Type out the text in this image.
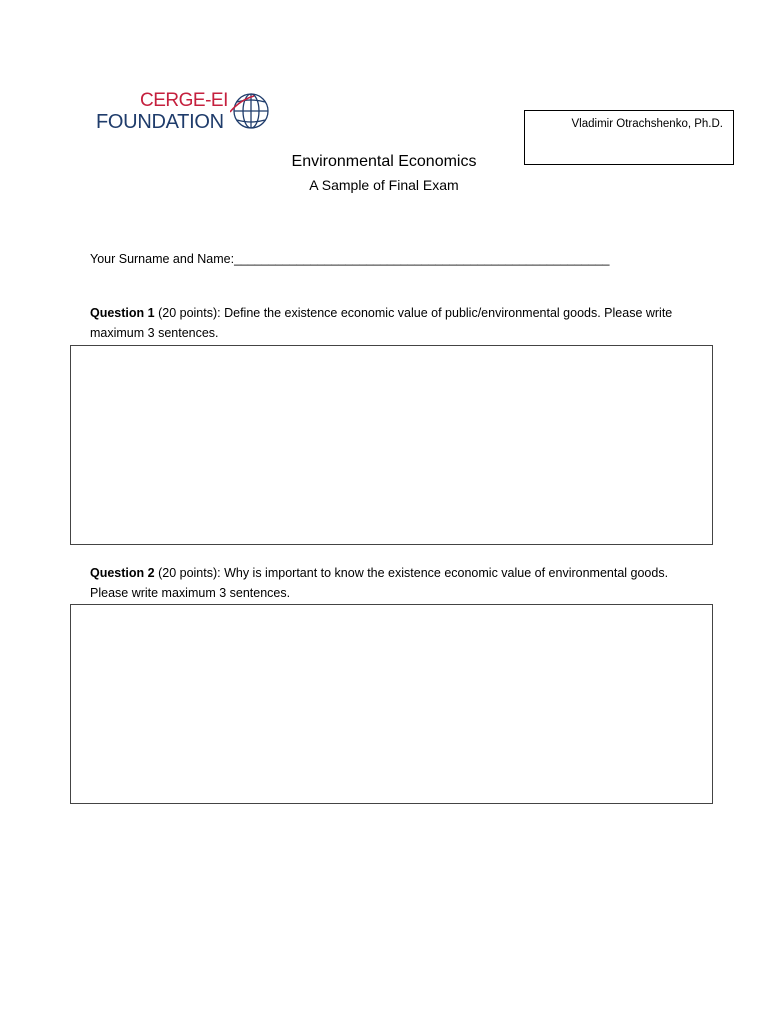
CERGE-EI
FOUNDATION	Vladimir Otrachshenko, Ph.D.
Environmental Economics
A Sample of Final Exam
Your Surname and Name:______________________________________________________
Question 1 (20 points): Define the existence economic value of public/environmental goods. Please write maximum 3 sentences.
Question 2 (20 points): Why is important to know the existence economic value of environmental goods. Please write maximum 3 sentences.
